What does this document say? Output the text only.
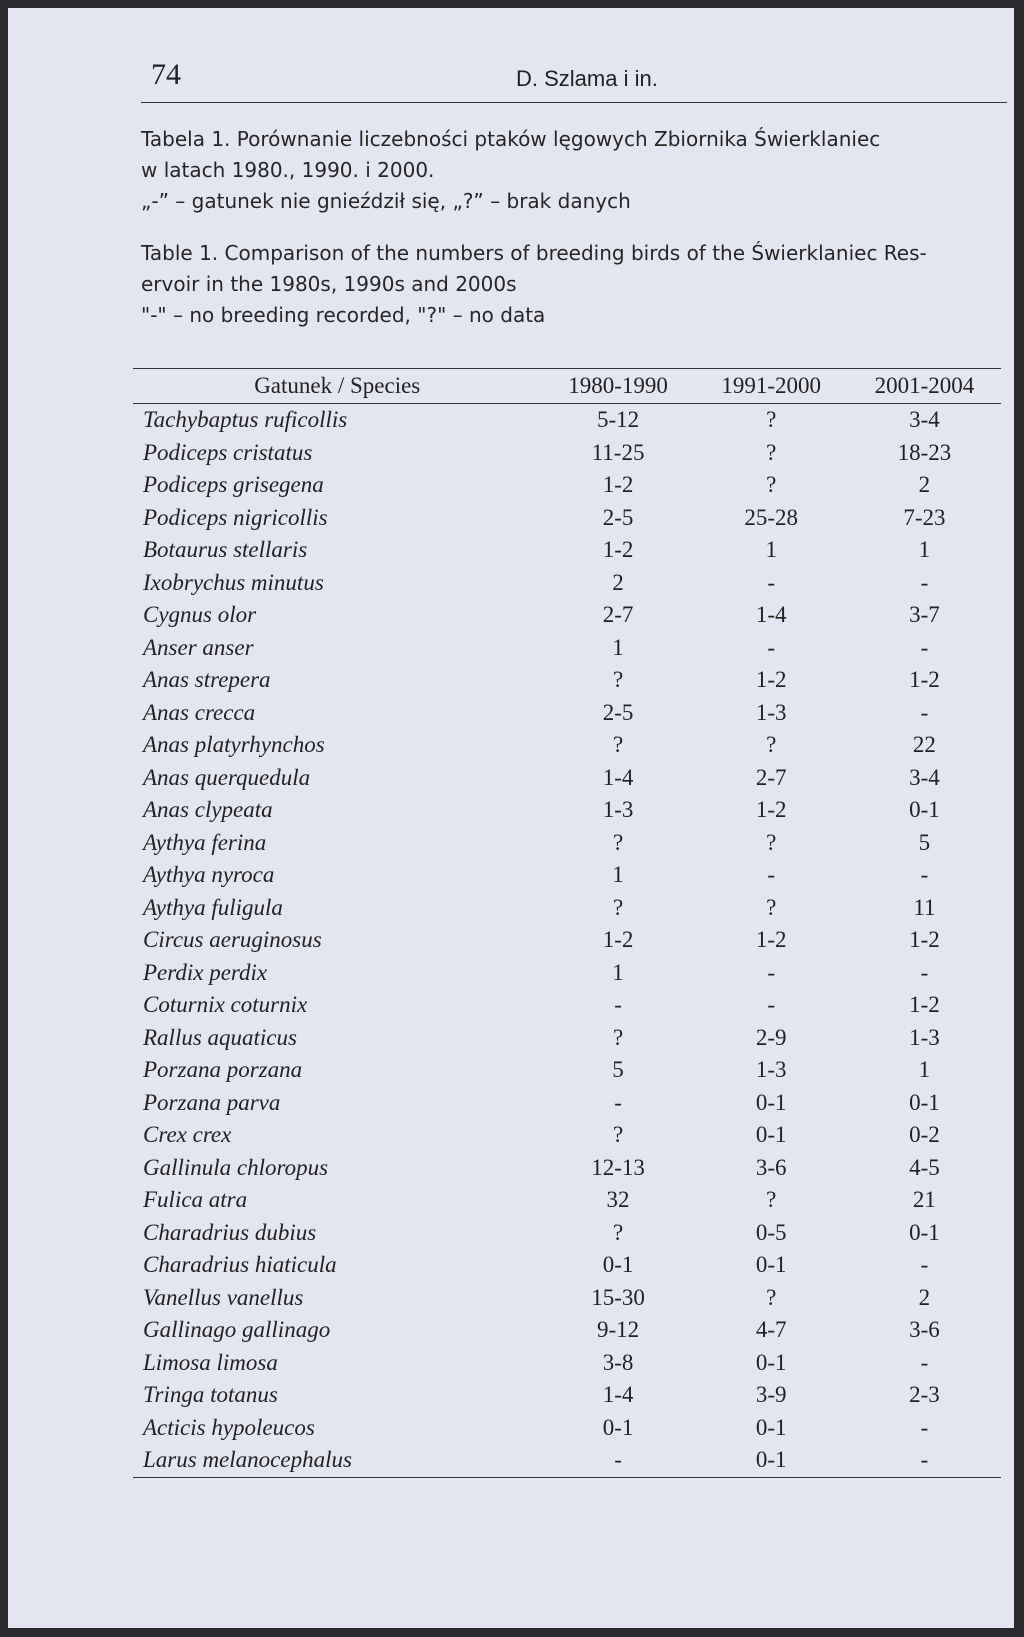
74	D. Szlama i in.

Tabela 1. Porównanie liczebności ptaków lęgowych Zbiornika Świerklaniec

w latach 1980., 1990. i 2000.

„-” – gatunek nie gnieździł się, „?” – brak danych

Table 1. Comparison of the numbers of breeding birds of the Świerklaniec Res-

ervoir in the 1980s, 1990s and 2000s

"-" – no breeding recorded, "?" – no data

Gatunek / Species	1980-1990	1991-2000	2001-2004
Tachybaptus ruficollis	5-12	?	3-4
Podiceps cristatus	11-25	?	18-23
Podiceps grisegena	1-2	?	2
Podiceps nigricollis	2-5	25-28	7-23
Botaurus stellaris	1-2	1	1
Ixobrychus minutus	2	-	-
Cygnus olor	2-7	1-4	3-7
Anser anser	1	-	-
Anas strepera	?	1-2	1-2
Anas crecca	2-5	1-3	-
Anas platyrhynchos	?	?	22
Anas querquedula	1-4	2-7	3-4
Anas clypeata	1-3	1-2	0-1
Aythya ferina	?	?	5
Aythya nyroca	1	-	-
Aythya fuligula	?	?	11
Circus aeruginosus	1-2	1-2	1-2
Perdix perdix	1	-	-
Coturnix coturnix	-	-	1-2
Rallus aquaticus	?	2-9	1-3
Porzana porzana	5	1-3	1
Porzana parva	-	0-1	0-1
Crex crex	?	0-1	0-2
Gallinula chloropus	12-13	3-6	4-5
Fulica atra	32	?	21
Charadrius dubius	?	0-5	0-1
Charadrius hiaticula	0-1	0-1	-
Vanellus vanellus	15-30	?	2
Gallinago gallinago	9-12	4-7	3-6
Limosa limosa	3-8	0-1	-
Tringa totanus	1-4	3-9	2-3
Acticis hypoleucos	0-1	0-1	-
Larus melanocephalus	-	0-1	-
